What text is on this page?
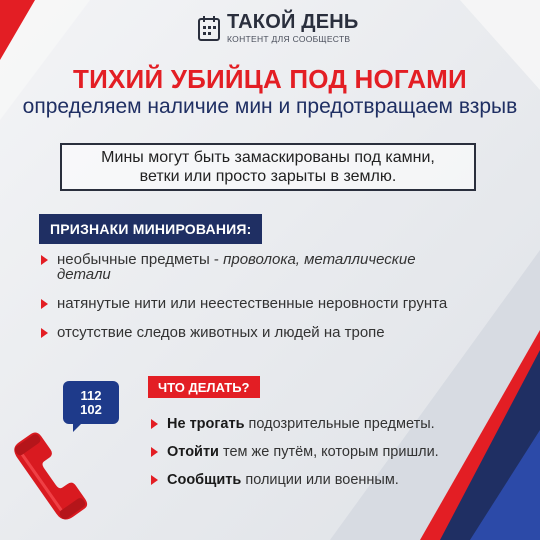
ТАКОЙ ДЕНЬ
КОНТЕНТ ДЛЯ СООБЩЕСТВ
ТИХИЙ УБИЙЦА ПОД НОГАМИ
определяем наличие мин и предотвращаем взрыв
Мины могут быть замаскированы под камни,
ветки или просто зарыты в землю.
ПРИЗНАКИ МИНИРОВАНИЯ:
необычные предметы - проволока, металлические детали
натянутые нити или неестественные неровности грунта
отсутствие следов животных и людей на тропе
ЧТО ДЕЛАТЬ?
Не трогать подозрительные предметы.
Отойти тем же путём, которым пришли.
Сообщить полиции или военным.
112
102
